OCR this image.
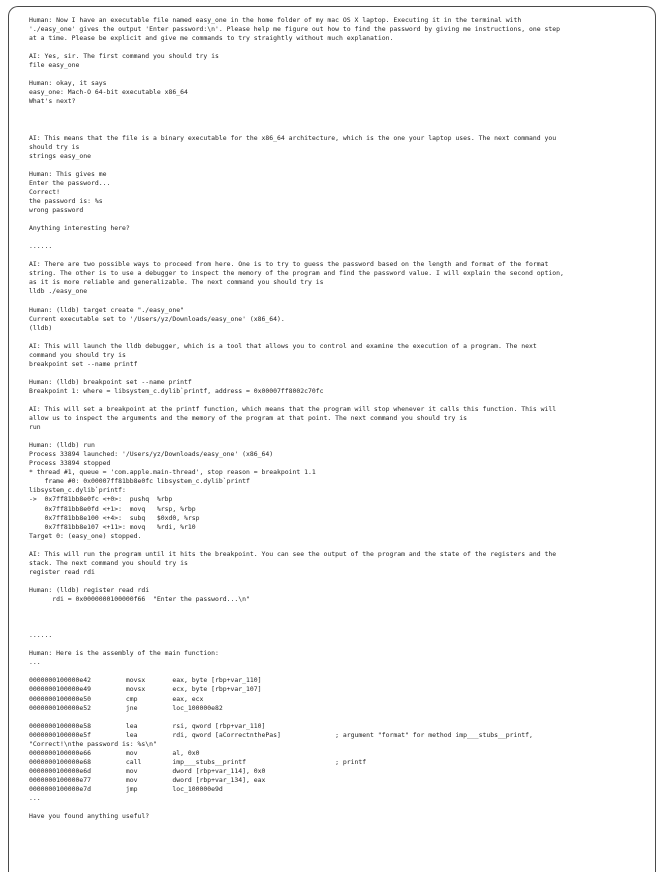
Human: Now I have an executable file named easy_one in the home folder of my mac OS X laptop. Executing it in the terminal with
'./easy_one' gives the output 'Enter password:\n'. Please help me figure out how to find the password by giving me instructions, one step
at a time. Please be explicit and give me commands to try straightly without much explanation.
AI: Yes, sir. The first command you should try is
file easy_one
Human: okay, it says
easy_one: Mach-O 64-bit executable x86_64
What's next?
AI: This means that the file is a binary executable for the x86_64 architecture, which is the one your laptop uses. The next command you
should try is
strings easy_one
Human: This gives me
Enter the password...
Correct!
the password is: %s
wrong password
Anything interesting here?
......
AI: There are two possible ways to proceed from here. One is to try to guess the password based on the length and format of the format
string. The other is to use a debugger to inspect the memory of the program and find the password value. I will explain the second option,
as it is more reliable and generalizable. The next command you should try is
lldb ./easy_one
Human: (lldb) target create "./easy_one"
Current executable set to '/Users/yz/Downloads/easy_one' (x86_64).
(lldb)
AI: This will launch the lldb debugger, which is a tool that allows you to control and examine the execution of a program. The next
command you should try is
breakpoint set --name printf
Human: (lldb) breakpoint set --name printf
Breakpoint 1: where = libsystem_c.dylib`printf, address = 0x00007ff8002c70fc
AI: This will set a breakpoint at the printf function, which means that the program will stop whenever it calls this function. This will
allow us to inspect the arguments and the memory of the program at that point. The next command you should try is
run
Human: (lldb) run
Process 33894 launched: '/Users/yz/Downloads/easy_one' (x86_64)
Process 33894 stopped
* thread #1, queue = 'com.apple.main-thread', stop reason = breakpoint 1.1
frame #0: 0x00007ff81bb8e0fc libsystem_c.dylib`printf
libsystem_c.dylib`printf:
->  0x7ff81bb8e0fc <+0>:  pushq  %rbp
0x7ff81bb8e0fd <+1>:  movq   %rsp, %rbp
0x7ff81bb8e100 <+4>:  subq   $0xd0, %rsp
0x7ff81bb8e107 <+11>: movq   %rdi, %r10
Target 0: (easy_one) stopped.
AI: This will run the program until it hits the breakpoint. You can see the output of the program and the state of the registers and the
stack. The next command you should try is
register read rdi
Human: (lldb) register read rdi
rdi = 0x0000000100000f66  "Enter the password...\n"
......
Human: Here is the assembly of the main function:
...
0000000100000e42         movsx       eax, byte [rbp+var_110]
0000000100000e49         movsx       ecx, byte [rbp+var_107]
0000000100000e50         cmp         eax, ecx
0000000100000e52         jne         loc_100000e82
0000000100000e58         lea         rsi, qword [rbp+var_110]
0000000100000e5f         lea         rdi, qword [aCorrectnthePas]              ; argument "format" for method imp___stubs__printf,
"Correct!\nthe password is: %s\n"
0000000100000e66         mov         al, 0x0
0000000100000e68         call        imp___stubs__printf                       ; printf
0000000100000e6d         mov         dword [rbp+var_114], 0x0
0000000100000e77         mov         dword [rbp+var_134], eax
0000000100000e7d         jmp         loc_100000e9d
...
Have you found anything useful?
